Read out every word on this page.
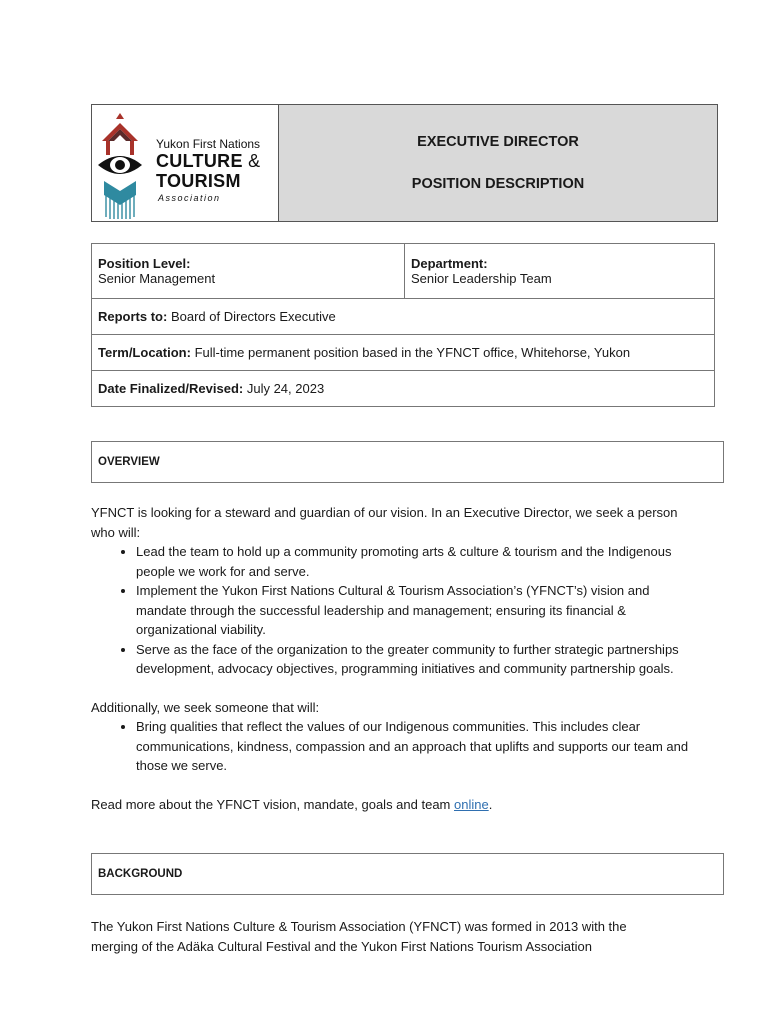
Yukon First Nations
CULTURE &
TOURISM
Association
EXECUTIVE DIRECTOR
POSITION DESCRIPTION
Position Level:
Senior Management

Department:
Senior Leadership Team

Reports to: Board of Directors Executive
Term/Location: Full-time permanent position based in the YFNCT office, Whitehorse, Yukon
Date Finalized/Revised: July 24, 2023
OVERVIEW

YFNCT is looking for a steward and guardian of our vision. In an Executive Director, we seek a person who will:

• Lead the team to hold up a community promoting arts & culture & tourism and the Indigenous people we work for and serve.
• Implement the Yukon First Nations Cultural & Tourism Association’s (YFNCT’s) vision and mandate through the successful leadership and management; ensuring its financial & organizational viability.
• Serve as the face of the organization to the greater community to further strategic partnerships development, advocacy objectives, programming initiatives and community partnership goals.

Additionally, we seek someone that will:

• Bring qualities that reflect the values of our Indigenous communities. This includes clear communications, kindness, compassion and an approach that uplifts and supports our team and those we serve.

Read more about the YFNCT vision, mandate, goals and team online.

BACKGROUND

The Yukon First Nations Culture & Tourism Association (YFNCT) was formed in 2013 with the merging of the Adäka Cultural Festival and the Yukon First Nations Tourism Association
